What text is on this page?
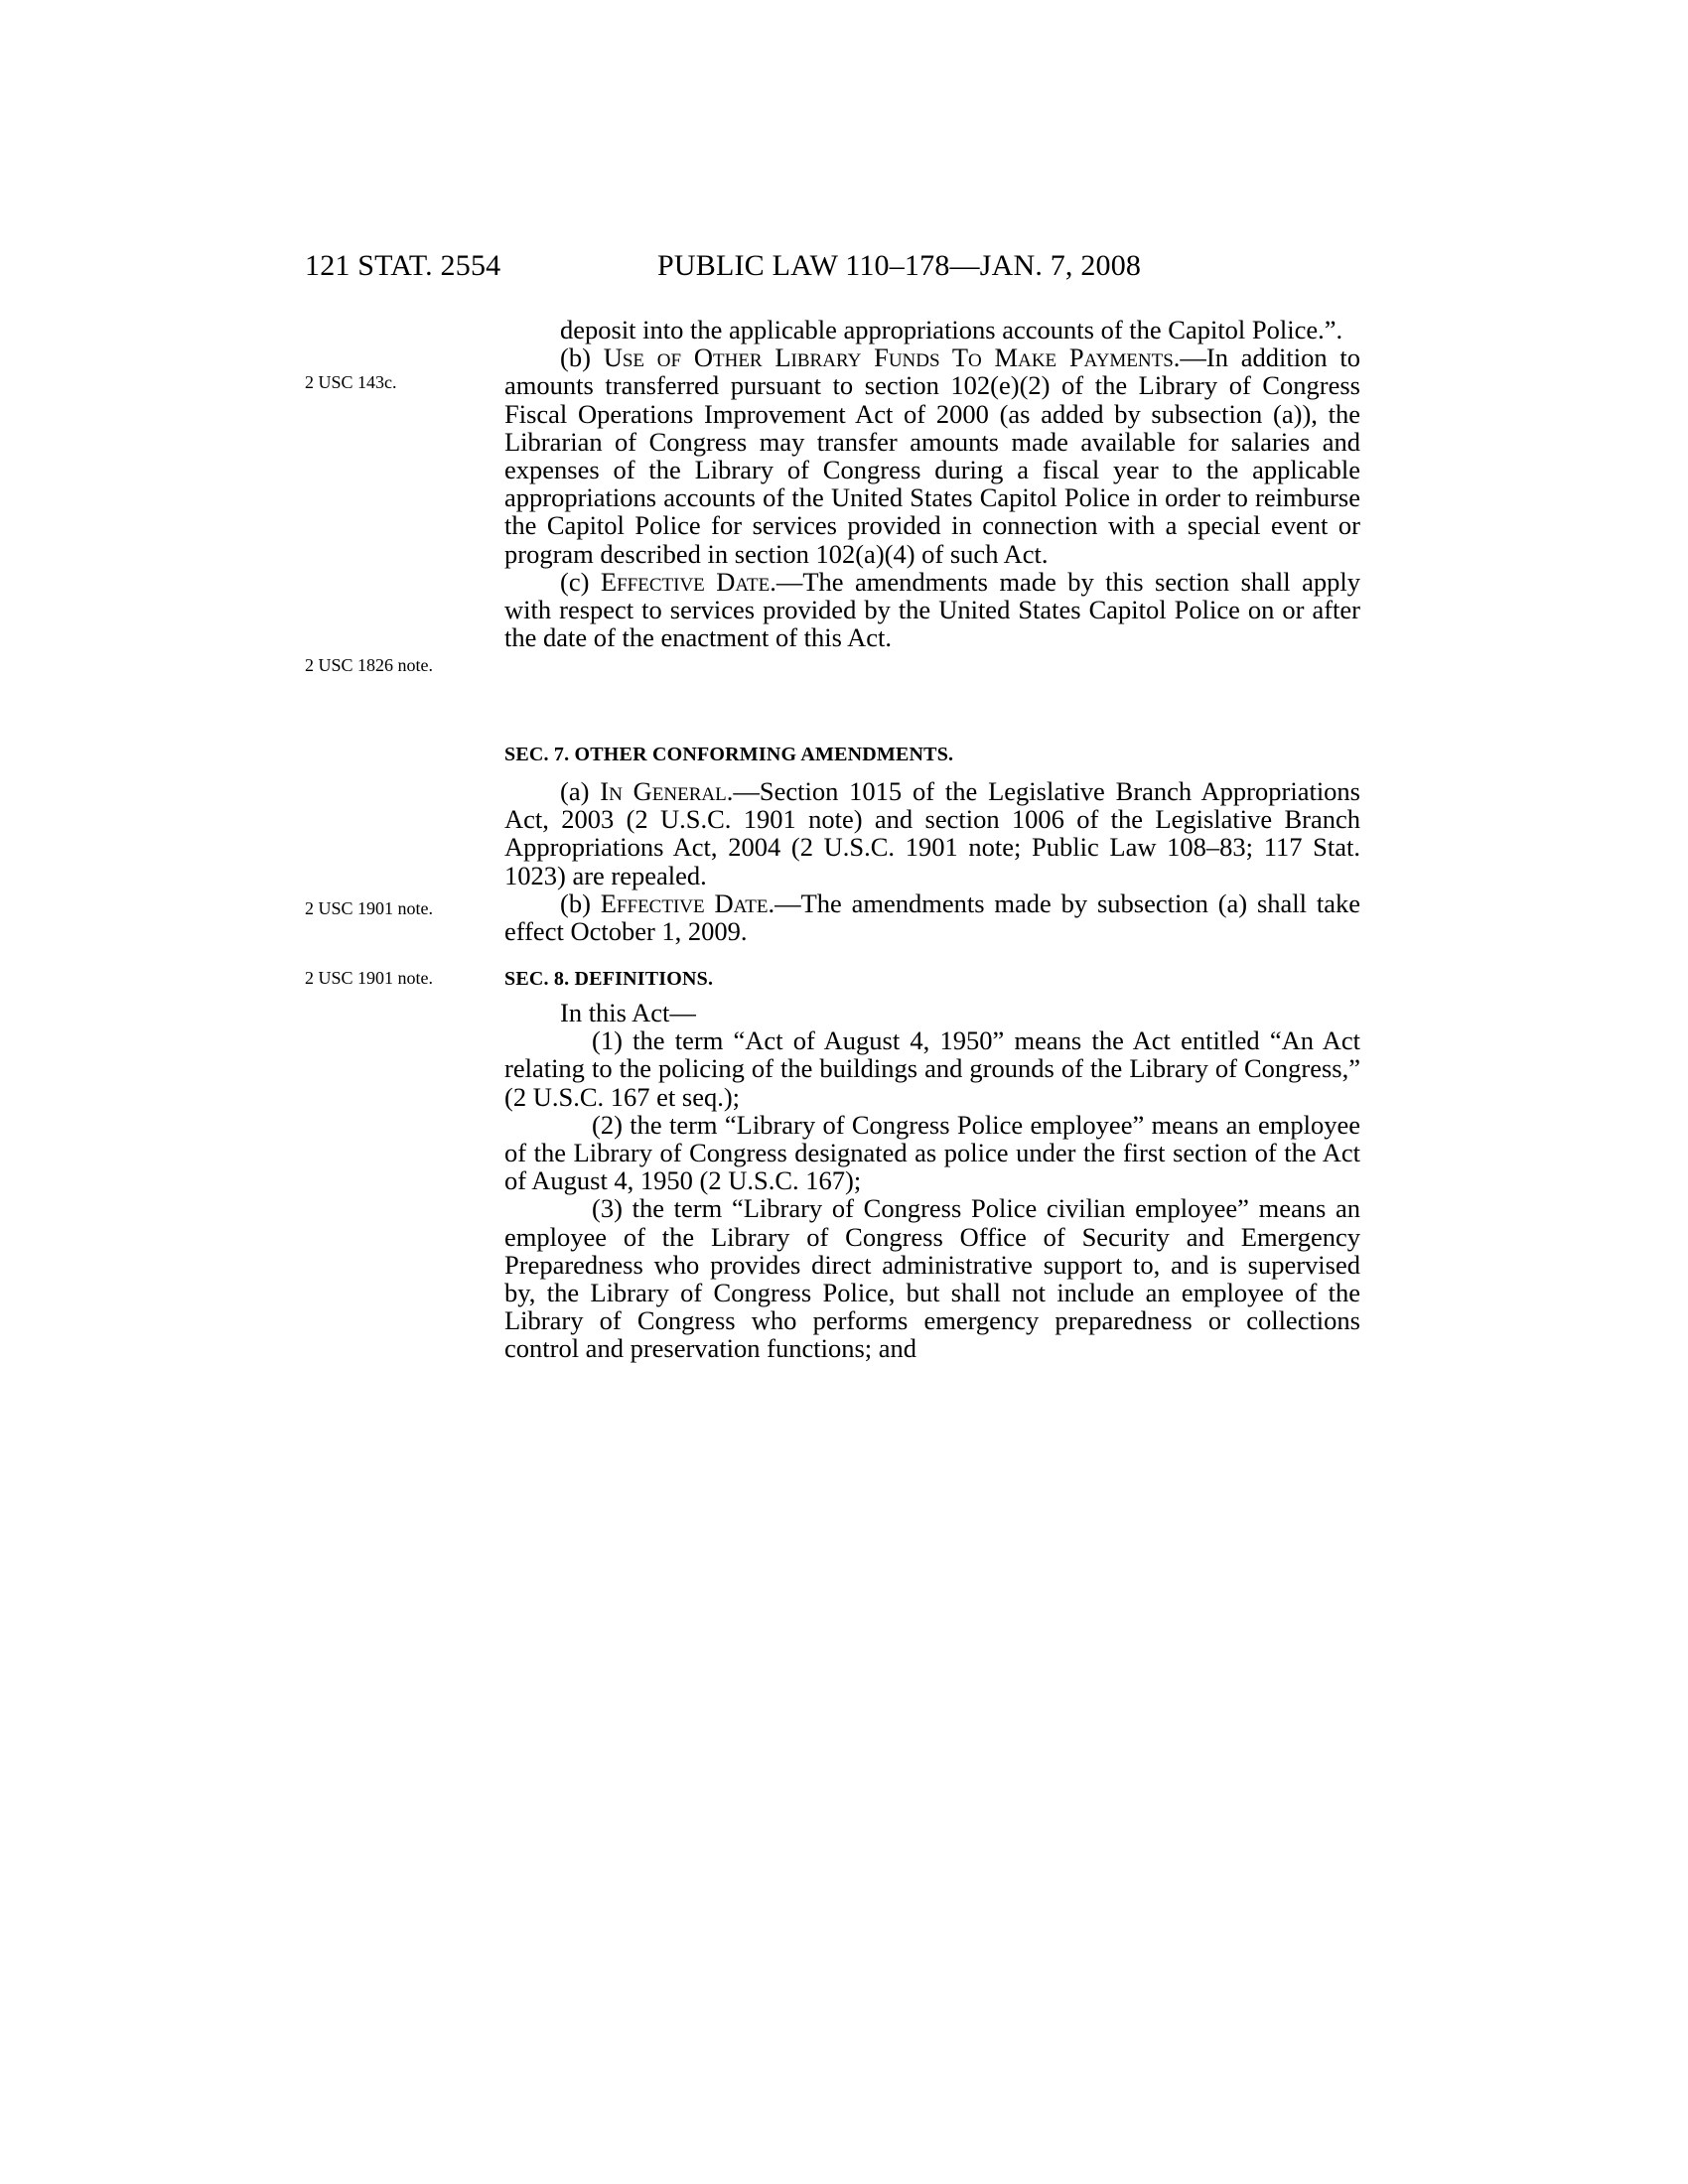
121 STAT. 2554	PUBLIC LAW 110–178—JAN. 7, 2008
2 USC 143c.
2 USC 1826 note.
2 USC 1901 note.
2 USC 1901 note.

deposit into the applicable appropriations accounts of the Capitol Police.”.

(b) Use of Other Library Funds To Make Payments.—In addition to amounts transferred pursuant to section 102(e)(2) of the Library of Congress Fiscal Operations Improvement Act of 2000 (as added by subsection (a)), the Librarian of Congress may transfer amounts made available for salaries and expenses of the Library of Congress during a fiscal year to the applicable appropriations accounts of the United States Capitol Police in order to reimburse the Capitol Police for services provided in connection with a special event or program described in section 102(a)(4) of such Act.

(c) Effective Date.—The amendments made by this section shall apply with respect to services provided by the United States Capitol Police on or after the date of the enactment of this Act.

SEC. 7. OTHER CONFORMING AMENDMENTS.

(a) In General.—Section 1015 of the Legislative Branch Appropriations Act, 2003 (2 U.S.C. 1901 note) and section 1006 of the Legislative Branch Appropriations Act, 2004 (2 U.S.C. 1901 note; Public Law 108–83; 117 Stat. 1023) are repealed.

(b) Effective Date.—The amendments made by subsection (a) shall take effect October 1, 2009.

SEC. 8. DEFINITIONS.

In this Act—

(1) the term “Act of August 4, 1950” means the Act entitled “An Act relating to the policing of the buildings and grounds of the Library of Congress,” (2 U.S.C. 167 et seq.);

(2) the term “Library of Congress Police employee” means an employee of the Library of Congress designated as police under the first section of the Act of August 4, 1950 (2 U.S.C. 167);

(3) the term “Library of Congress Police civilian employee” means an employee of the Library of Congress Office of Security and Emergency Preparedness who provides direct administrative support to, and is supervised by, the Library of Congress Police, but shall not include an employee of the Library of Congress who performs emergency preparedness or collections control and preservation functions; and
